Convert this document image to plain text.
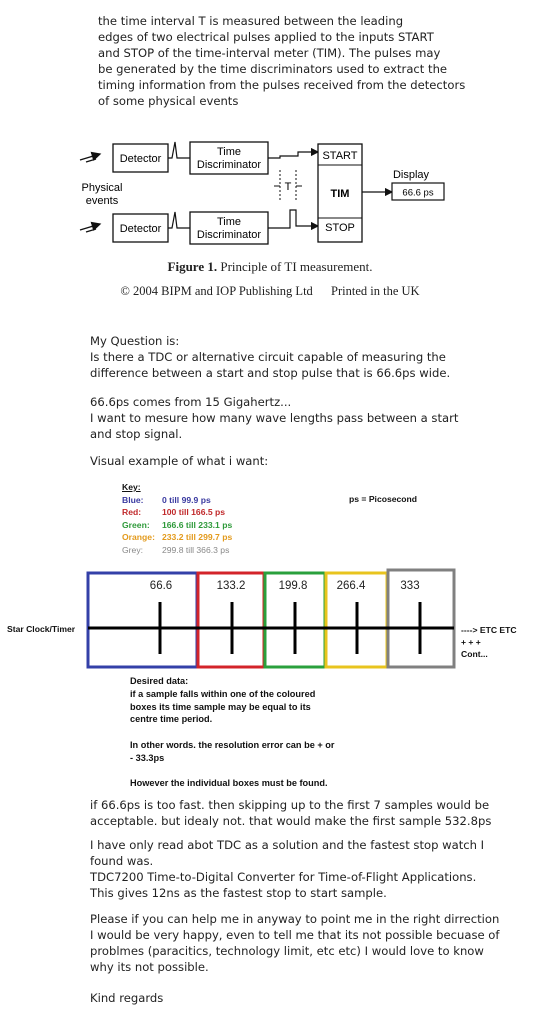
the time interval T is measured between the leading
edges of two electrical pulses applied to the inputs START
and STOP of the time-interval meter (TIM). The pulses may
be generated by the time discriminators used to extract the
timing information from the pulses received from the detectors
of some physical events
Detector
Detector
Time
Discriminator
Time
Discriminator
T
START
TIM
STOP
Display
66.6 ps
Physical
events
Figure 1. Principle of TI measurement.
© 2004 BIPM and IOP Publishing Ltd Printed in the UK
My Question is:
Is there a TDC or alternative circuit capable of measuring the
difference between a start and stop pulse that is 66.6ps wide.
66.6ps comes from 15 Gigahertz...
I want to mesure how many wave lengths pass between a start
and stop signal.
Visual example of what i want:
Key:
Blue: 0 till 99.9 ps
Red: 100 till 166.5 ps
Green: 166.6 till 233.1 ps
Orange: 233.2 till 299.7 ps
Grey: 299.8 till 366.3 ps
ps = Picosecond
66.6	133.2	199.8	266.4	333
Star Clock/Timer	----> ETC ETC
+ + +
Cont...
Desired data:
if a sample falls within one of the coloured
boxes its time sample may be equal to its
centre time period.
In other words. the resolution error can be + or
- 33.3ps
However the individual boxes must be found.
if 66.6ps is too fast. then skipping up to the first 7 samples would be
acceptable. but idealy not. that would make the first sample 532.8ps
I have only read abot TDC as a solution and the fastest stop watch I
found was.
TDC7200 Time-to-Digital Converter for Time-of-Flight Applications.
This gives 12ns as the fastest stop to start sample.
Please if you can help me in anyway to point me in the right dirrection
I would be very happy, even to tell me that its not possible becuase of
problmes (paracitics, technology limit, etc etc) I would love to know
why its not possible.
Kind regards
